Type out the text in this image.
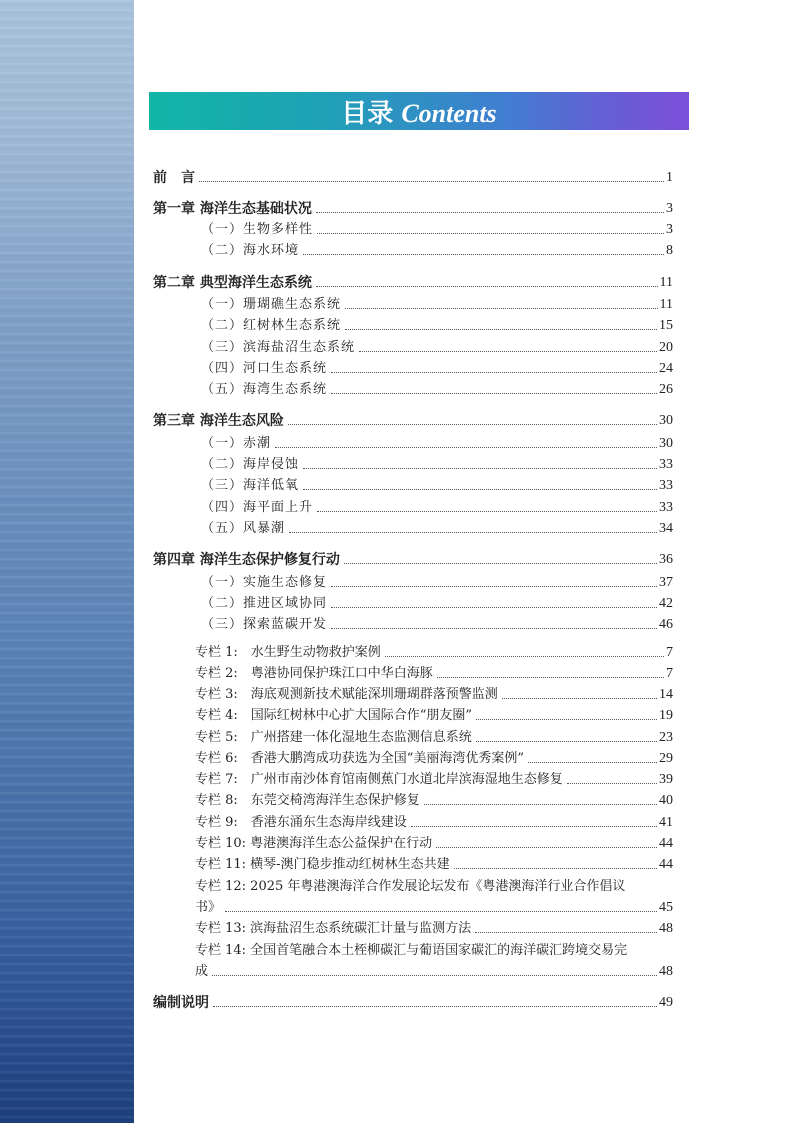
目录 Contents
前　言	1
第一章 海洋生态基础状况	3
（一）生物多样性	3
（二）海水环境	8
第二章 典型海洋生态系统	11
（一）珊瑚礁生态系统	11
（二）红树林生态系统	15
（三）滨海盐沼生态系统	20
（四）河口生态系统	24
（五）海湾生态系统	26
第三章 海洋生态风险	30
（一）赤潮	30
（二）海岸侵蚀	33
（三）海洋低氧	33
（四）海平面上升	33
（五）风暴潮	34
第四章 海洋生态保护修复行动	36
（一）实施生态修复	37
（二）推进区域协同	42
（三）探索蓝碳开发	46
专栏 1:　水生野生动物救护案例	7
专栏 2:　粤港协同保护珠江口中华白海豚	7
专栏 3:　海底观测新技术赋能深圳珊瑚群落预警监测	14
专栏 4:　国际红树林中心扩大国际合作“朋友圈”	19
专栏 5:　广州搭建一体化湿地生态监测信息系统	23
专栏 6:　香港大鹏湾成功获选为全国“美丽海湾优秀案例”	29
专栏 7:　广州市南沙体育馆南侧蕉门水道北岸滨海湿地生态修复	39
专栏 8:　东莞交椅湾海洋生态保护修复	40
专栏 9:　香港东涌东生态海岸线建设	41
专栏 10: 粤港澳海洋生态公益保护在行动	44
专栏 11: 横琴-澳门稳步推动红树林生态共建	44
专栏 12: 2025 年粤港澳海洋合作发展论坛发布《粤港澳海洋行业合作倡议
书》	45
专栏 13: 滨海盐沼生态系统碳汇计量与监测方法	48
专栏 14: 全国首笔融合本土桎柳碳汇与葡语国家碳汇的海洋碳汇跨境交易完
成	48
编制说明	49
